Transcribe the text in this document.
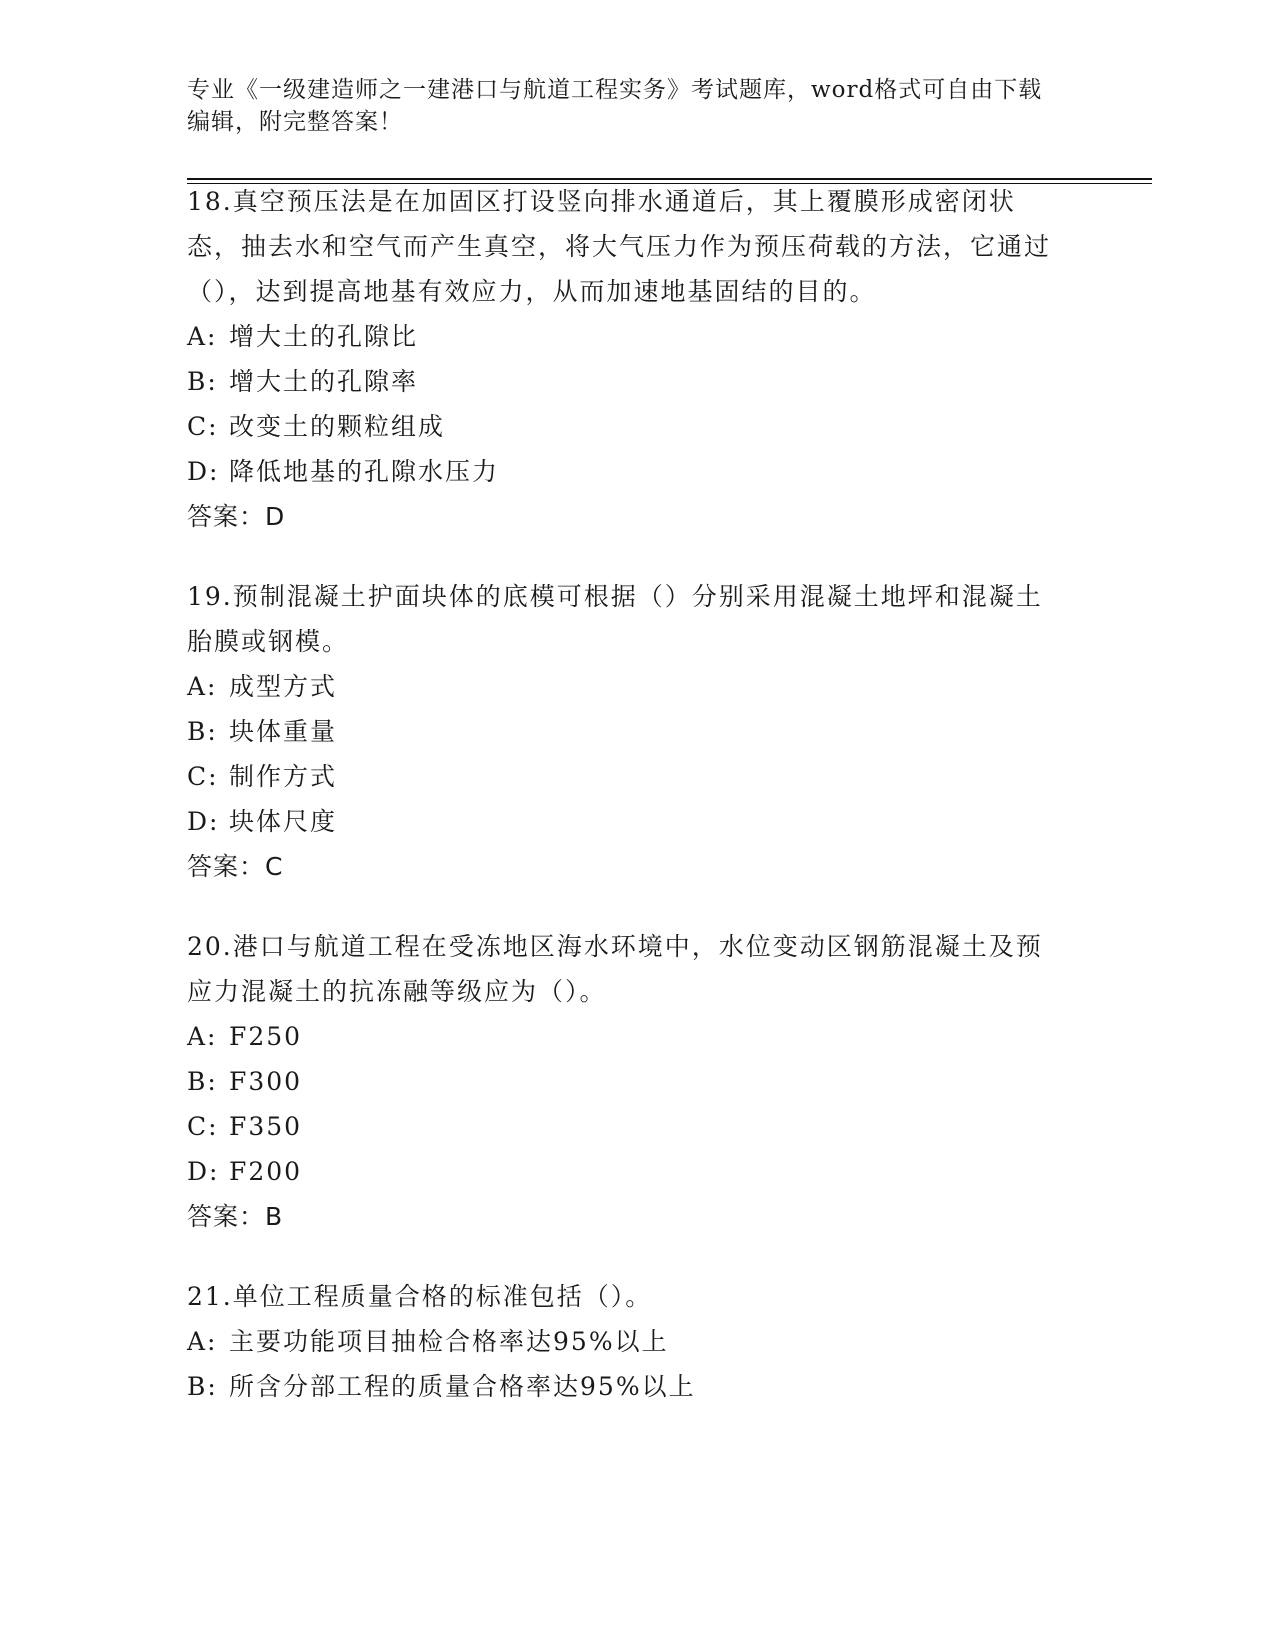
专业《一级建造师之一建港口与航道工程实务》考试题库，word格式可自由下载
编辑，附完整答案！

18.真空预压法是在加固区打设竖向排水通道后，其上覆膜形成密闭状态，抽去水和空气而产生真空，将大气压力作为预压荷载的方法，它通过（），达到提高地基有效应力，从而加速地基固结的目的。

A: 增大土的孔隙比

B: 增大土的孔隙率

C: 改变土的颗粒组成

D: 降低地基的孔隙水压力

答案：D

19.预制混凝土护面块体的底模可根据（）分别采用混凝土地坪和混凝土胎膜或钢模。

A: 成型方式

B: 块体重量

C: 制作方式

D: 块体尺度

答案：C

20.港口与航道工程在受冻地区海水环境中，水位变动区钢筋混凝土及预应力混凝土的抗冻融等级应为（）。

A: F250

B: F300

C: F350

D: F200

答案：B

21.单位工程质量合格的标准包括（）。

A: 主要功能项目抽检合格率达95%以上

B: 所含分部工程的质量合格率达95%以上
